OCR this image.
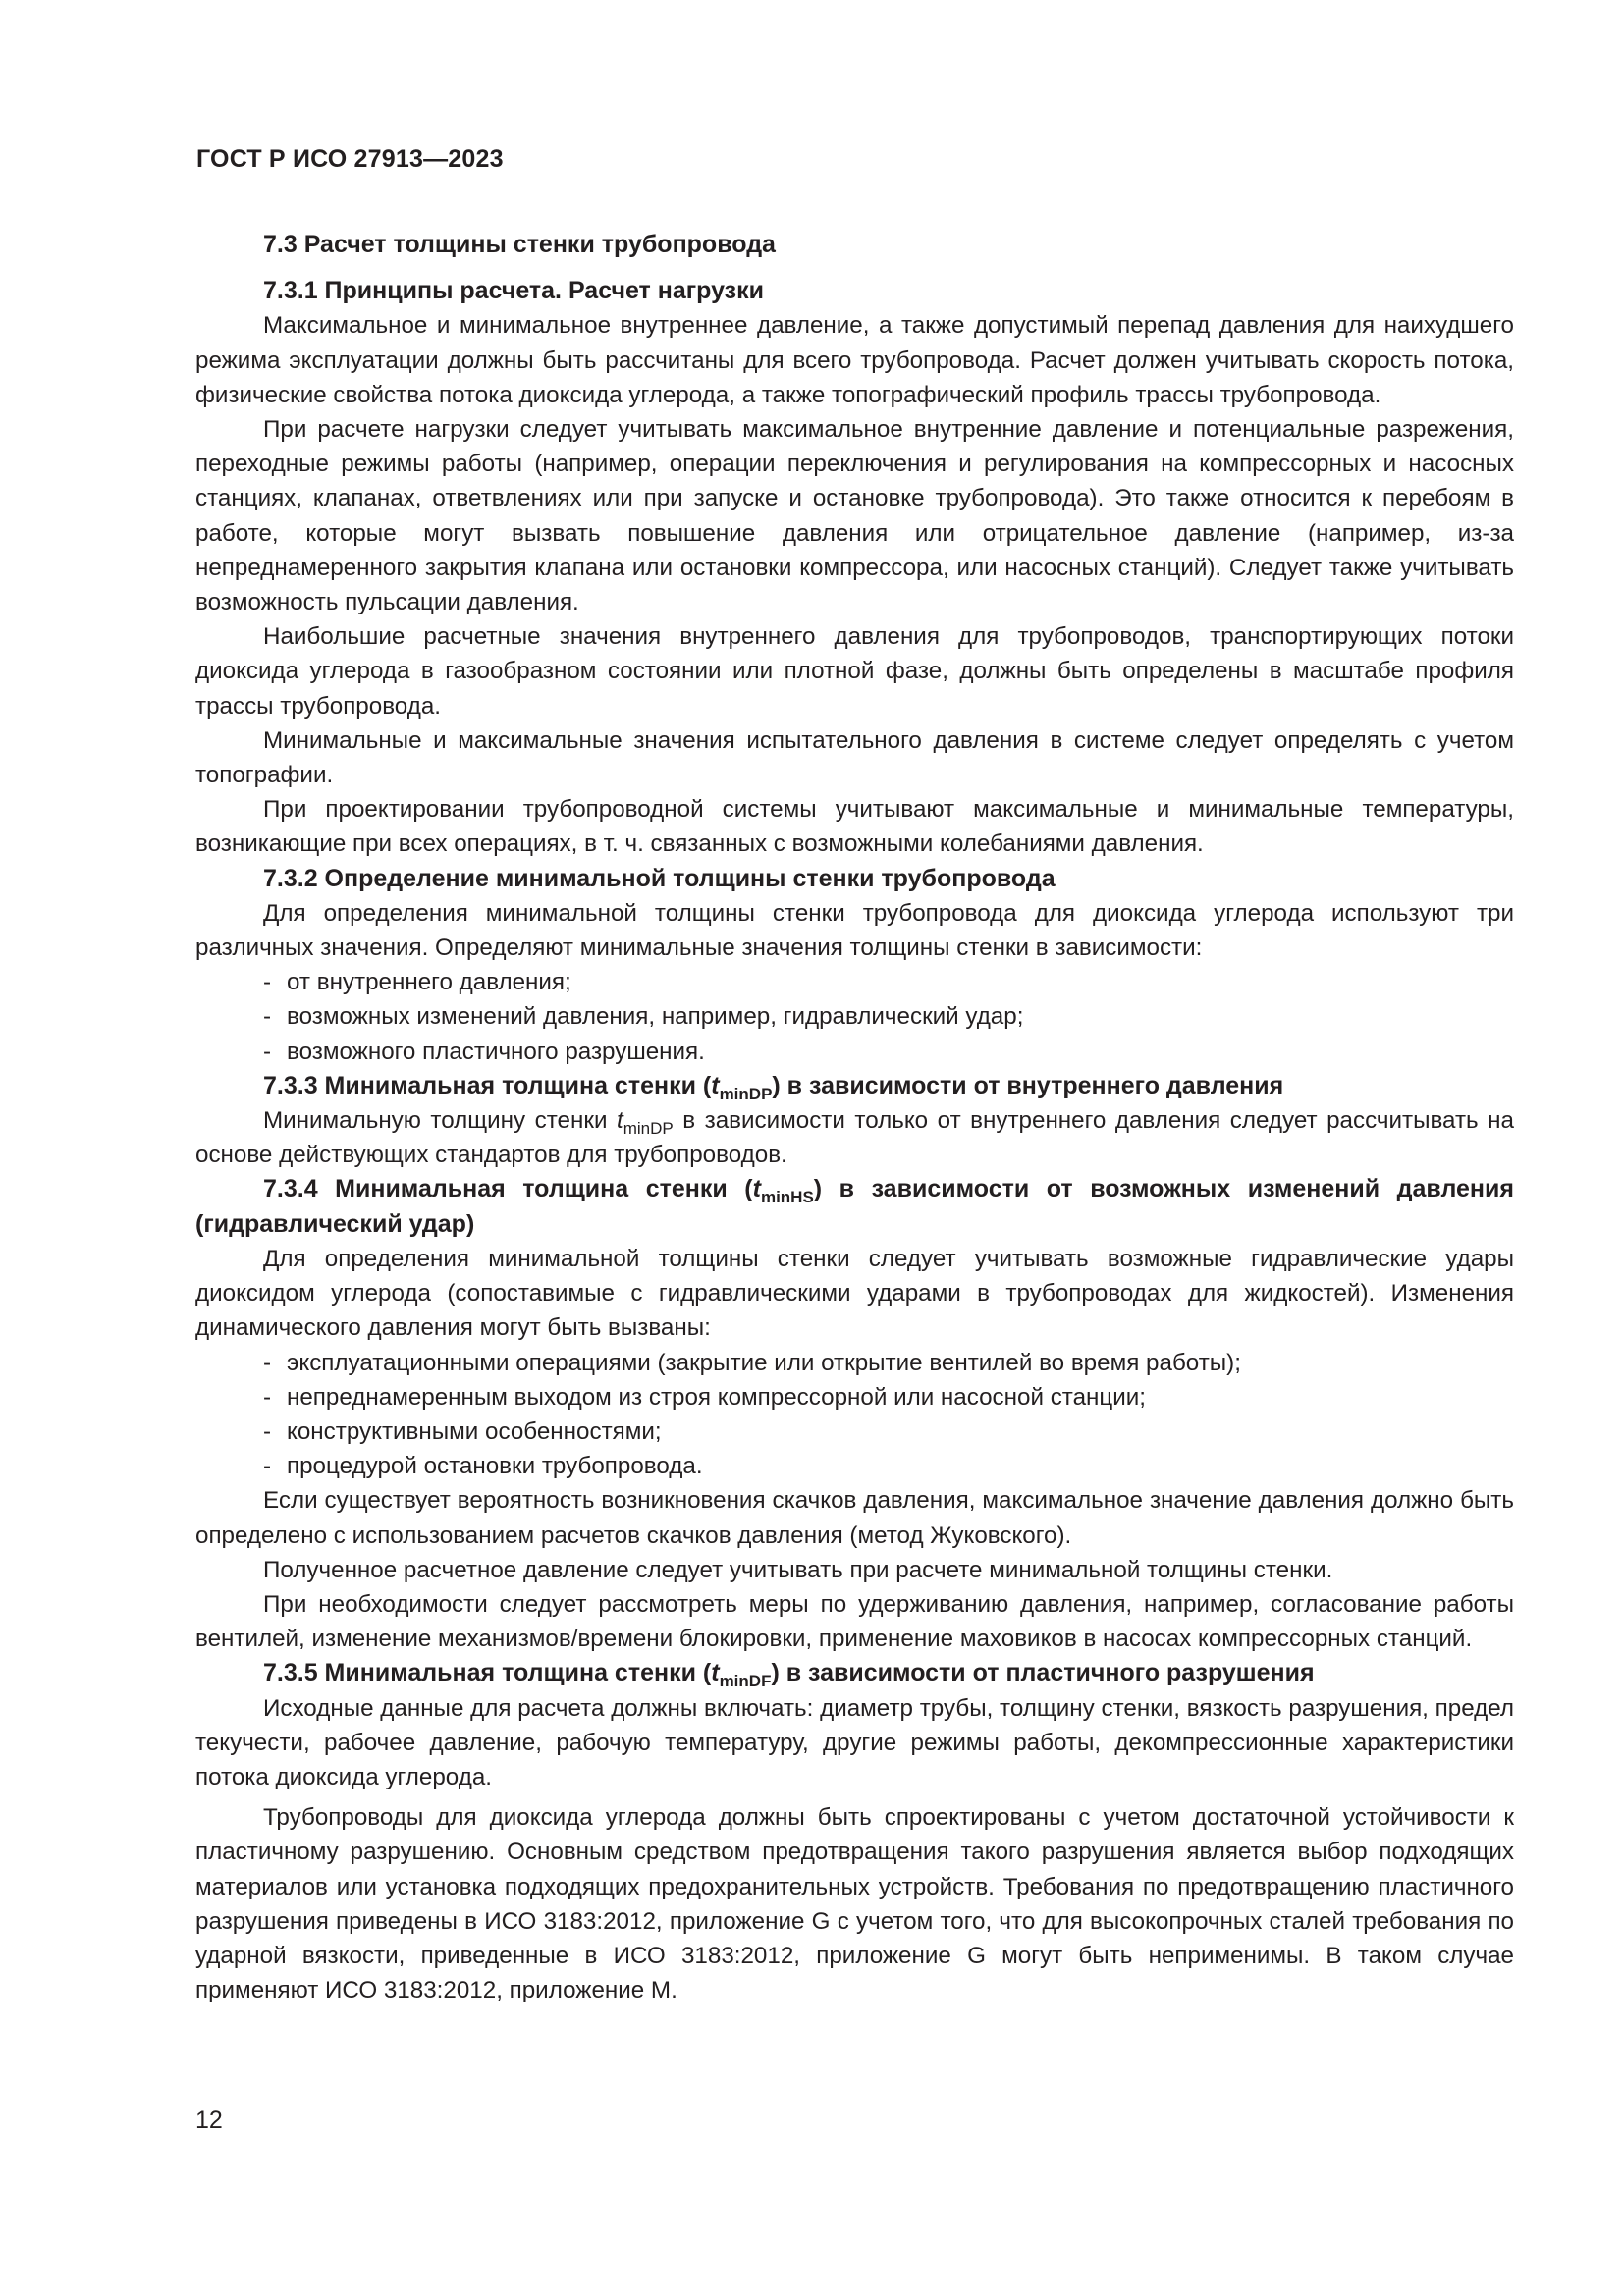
ГОСТ Р ИСО 27913—2023
7.3 Расчет толщины стенки трубопровода
7.3.1 Принципы расчета. Расчет нагрузки

Максимальное и минимальное внутреннее давление, а также допустимый перепад давления для наихудшего режима эксплуатации должны быть рассчитаны для всего трубопровода. Расчет должен учитывать скорость потока, физические свойства потока диоксида углерода, а также топографический профиль трассы трубопровода.

При расчете нагрузки следует учитывать максимальное внутренние давление и потенциальные разрежения, переходные режимы работы (например, операции переключения и регулирования на компрессорных и насосных станциях, клапанах, ответвлениях или при запуске и остановке трубопровода). Это также относится к перебоям в работе, которые могут вызвать повышение давления или отрицательное давление (например, из-за непреднамеренного закрытия клапана или остановки компрессора, или насосных станций). Следует также учитывать возможность пульсации давления.

Наибольшие расчетные значения внутреннего давления для трубопроводов, транспортирующих потоки диоксида углерода в газообразном состоянии или плотной фазе, должны быть определены в масштабе профиля трассы трубопровода.

Минимальные и максимальные значения испытательного давления в системе следует определять с учетом топографии.

При проектировании трубопроводной системы учитывают максимальные и минимальные температуры, возникающие при всех операциях, в т. ч. связанных с возможными колебаниями давления.

7.3.2 Определение минимальной толщины стенки трубопровода

Для определения минимальной толщины стенки трубопровода для диоксида углерода используют три различных значения. Определяют минимальные значения толщины стенки в зависимости:

- от внутреннего давления;
- возможных изменений давления, например, гидравлический удар;
- возможного пластичного разрушения.
7.3.3 Минимальная толщина стенки $(t_{minDP})$ в зависимости от внутреннего давления

Минимальную толщину стенки $t_{minDP}$ в зависимости только от внутреннего давления следует рассчитывать на основе действующих стандартов для трубопроводов.

7.3.4 Минимальная толщина стенки $(t_{minHS})$ в зависимости от возможных изменений давления (гидравлический удар)

Для определения минимальной толщины стенки следует учитывать возможные гидравлические удары диоксидом углерода (сопоставимые с гидравлическими ударами в трубопроводах для жидкостей). Изменения динамического давления могут быть вызваны:

- эксплуатационными операциями (закрытие или открытие вентилей во время работы);
- непреднамеренным выходом из строя компрессорной или насосной станции;
- конструктивными особенностями;
- процедурой остановки трубопровода.

Если существует вероятность возникновения скачков давления, максимальное значение давления должно быть определено с использованием расчетов скачков давления (метод Жуковского).

Полученное расчетное давление следует учитывать при расчете минимальной толщины стенки.

При необходимости следует рассмотреть меры по удерживанию давления, например, согласование работы вентилей, изменение механизмов/времени блокировки, применение маховиков в насосах компрессорных станций.

7.3.5 Минимальная толщина стенки $(t_{minDF})$ в зависимости от пластичного разрушения

Исходные данные для расчета должны включать: диаметр трубы, толщину стенки, вязкость разрушения, предел текучести, рабочее давление, рабочую температуру, другие режимы работы, декомпрессионные характеристики потока диоксида углерода.

Трубопроводы для диоксида углерода должны быть спроектированы с учетом достаточной устойчивости к пластичному разрушению. Основным средством предотвращения такого разрушения является выбор подходящих материалов или установка подходящих предохранительных устройств. Требования по предотвращению пластичного разрушения приведены в ИСО 3183:2012, приложение G с учетом того, что для высокопрочных сталей требования по ударной вязкости, приведенные в ИСО 3183:2012, приложение G могут быть неприменимы. В таком случае применяют ИСО 3183:2012, приложение М.

12
